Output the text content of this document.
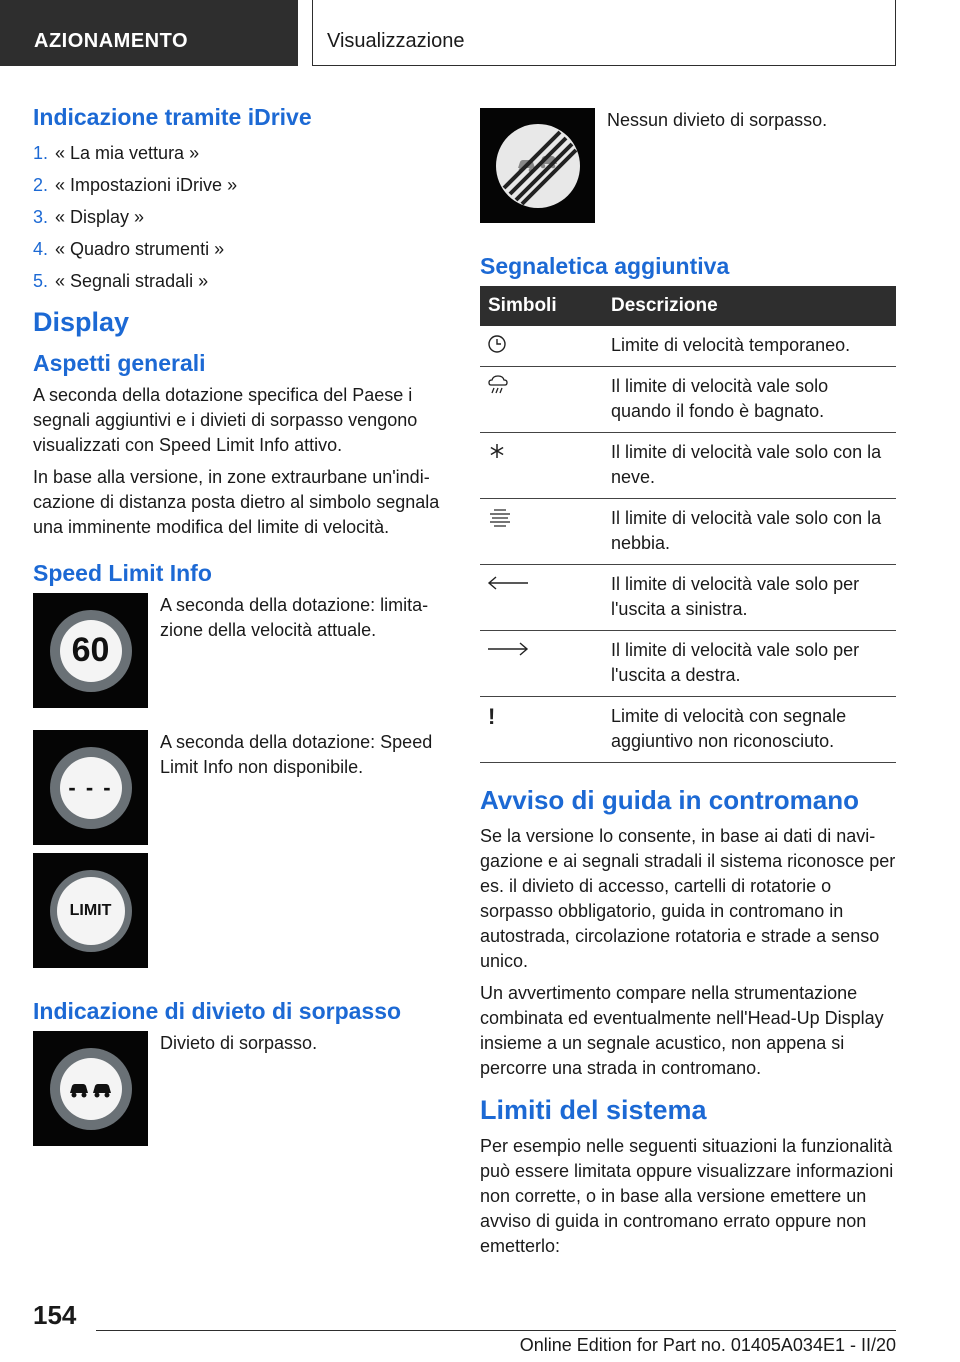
AZIONAMENTO	Visualizzazione
Indicazione tramite iDrive
1. « La mia vettura »
2. « Impostazioni iDrive »
3. « Display »
4. « Quadro strumenti »
5. « Segnali stradali »
Display
Aspetti generali

A seconda della dotazione specifica del Paese i segnali aggiuntivi e i divieti di sorpasso vengono visualizzati con Speed Limit Info attivo.

In base alla versione, in zone extraurbane un'indicazione di distanza posta dietro al simbolo segnala una imminente modifica del limite di velocità.

Speed Limit Info
60
A seconda della dotazione: limitazione della velocità attuale.
- - -
A seconda della dotazione: Speed Limit Info non disponibile.
LIMIT
Indicazione di divieto di sorpasso
Divieto di sorpasso.
Nessun divieto di sorpasso.
Segnaletica aggiuntiva
Simboli	Descrizione

	Limite di velocità temporaneo.

	Il limite di velocità vale solo quando il fondo è bagnato.

	Il limite di velocità vale solo con la neve.

	Il limite di velocità vale solo con la nebbia.

	Il limite di velocità vale solo per l'uscita a sinistra.

	Il limite di velocità vale solo per l'uscita a destra.
!	Limite di velocità con segnale aggiuntivo non riconosciuto.
Avviso di guida in contromano

Se la versione lo consente, in base ai dati di navigazione e ai segnali stradali il sistema riconosce per es. il divieto di accesso, cartelli di rotatorie o sorpasso obbligatorio, guida in contromano in autostrada, circolazione rotatoria e strade a senso unico.

Un avvertimento compare nella strumentazione combinata ed eventualmente nell'Head-Up Display insieme a un segnale acustico, non appena si percorre una strada in contromano.

Limiti del sistema

Per esempio nelle seguenti situazioni la funzionalità può essere limitata oppure visualizzare informazioni non corrette, o in base alla versione emettere un avviso di guida in contromano errato oppure non emetterlo:

154
Online Edition for Part no. 01405A034E1 - II/20
